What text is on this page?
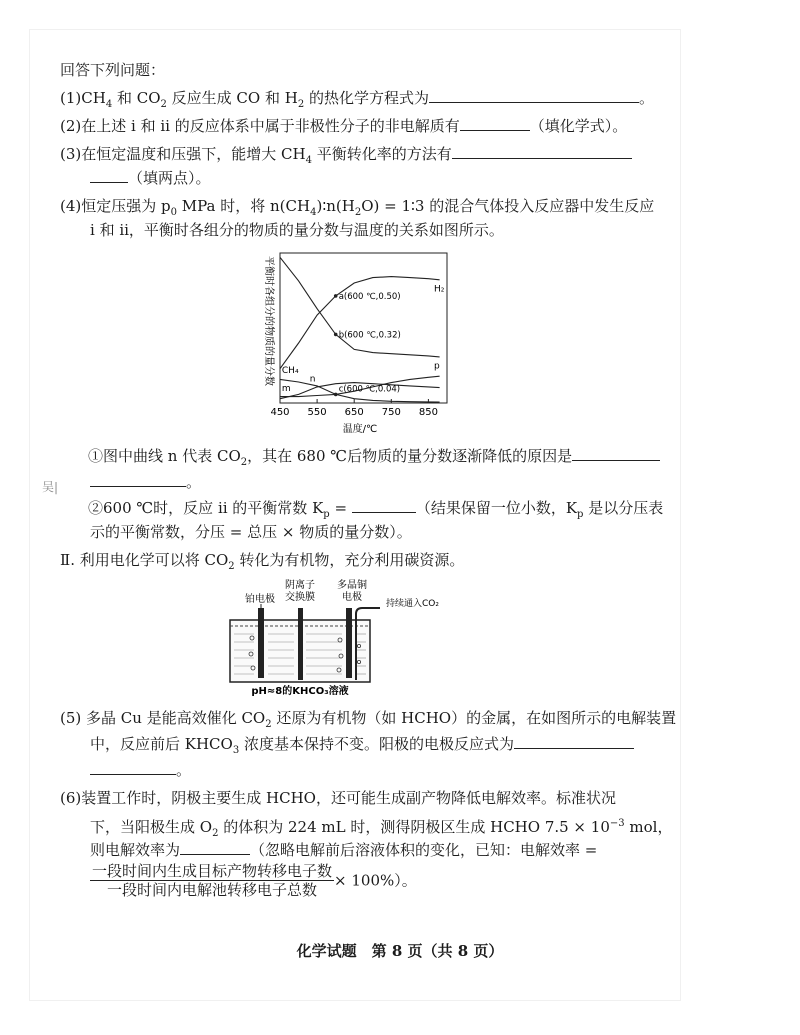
回答下列问题：
$(1)CH_4$ 和 $CO_2$ 反应生成 CO 和 $H_2$ 的热化学方程式为	。
(2)在上述 ⅰ 和 ⅱ 的反应体系中属于非极性分子的非电解质有	（填化学式）。
(3)在恒定温度和压强下，能增大 $CH_4$ 平衡转化率的方法有
（填两点）。
(4)恒定压强为 $p_0$ MPa 时，将 $n(CH_4)∶n(H_2O)$ = 1∶3 的混合气体投入反应器中发生反应
ⅰ 和 ⅱ，平衡时各组分的物质的量分数与温度的关系如图所示。
平衡时各组分的物质的量分数	H₂
p
CH₄
n
m
a(600 ℃,0.50)
b(600 ℃,0.32)
c(600 ℃,0.04)
450 550 650 750 850
温度/℃
①图中曲线 n 代表 $CO_2$，其在 680 ℃后物质的量分数逐渐降低的原因是
。
②600 ℃时，反应 ⅱ 的平衡常数 $K_p$ =	（结果保留一位小数，$K_p$ 是以分压表
示的平衡常数，分压 = 总压 × 物质的量分数）。
Ⅱ. 利用电化学可以将 $CO_2$ 转化为有机物，充分利用碳资源。
铂电极
阴离子
交换膜
多晶铜
电极
持续通入CO₂
pH≈8的KHCO₃溶液
(5) 多晶 Cu 是能高效催化 $CO_2$ 还原为有机物（如 HCHO）的金属，在如图所示的电解装置
中，反应前后 $KHCO_3$ 浓度基本保持不变。阳极的电极反应式为
。
(6)装置工作时，阴极主要生成 HCHO，还可能生成副产物降低电解效率。标准状况
下，当阳极生成 $O_2$ 的体积为 224 mL 时，测得阴极区生成 HCHO $7.5 \times 10^{-3}$ mol，
则电解效率为	（忽略电解前后溶液体积的变化，已知：电解效率 =
$\frac{\text{一段时间内生成目标产物转移电子数}}{\text{一段时间内电解池转移电子总数}} \times 100\%$）。
吴|
化学试题　第 8 页（共 8 页）
